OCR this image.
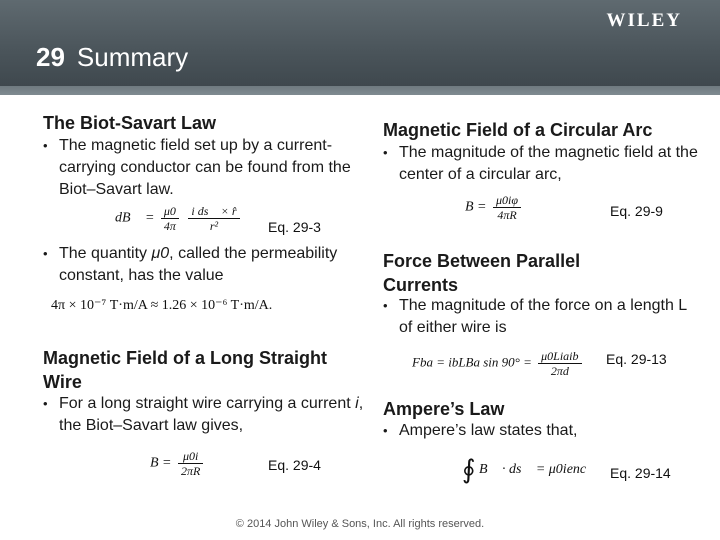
WILEY
29 Summary
The Biot-Savart Law
• The magnetic field set up by a current- carrying conductor can be found from the Biot–Savart law.
dB⃗ = $\frac{\mu 0}{4\pi}$
$\frac{\text{i ds⃗ × r̂}}{\text{r²}} Eq$. 29-3
• The quantity μ0, called the permeability constant, has the value
4π × 10⁻⁷ T·m/A ≈ 1.26 × 10⁻⁶ T·m/A.
Magnetic Field of a Long Straight Wire
• For a long straight wire carrying a current i, the Biot–Savart law gives,
$B = \frac{\mu 0i}{2\pi R}$	Eq. 29-4
Magnetic Field of a Circular Arc
• The magnitude of the magnetic field at the center of a circular arc,
$B = \frac{\mu 0i\varphi}{4\pi R}$	Eq. 29-9
Force Between Parallel Currents
• The magnitude of the force on a length L of either wire is
Fba = ibLBa $\sin 90^\circ = \frac{\text{μ0Liaib}}{2\pi d} Eq$. 29-13
Ampere’s Law
• Ampere’s law states that,
∮ B⃗ · ds⃗ = μ0ienc Eq. 29-14
© 2014 John Wiley & Sons, Inc. All rights reserved.
